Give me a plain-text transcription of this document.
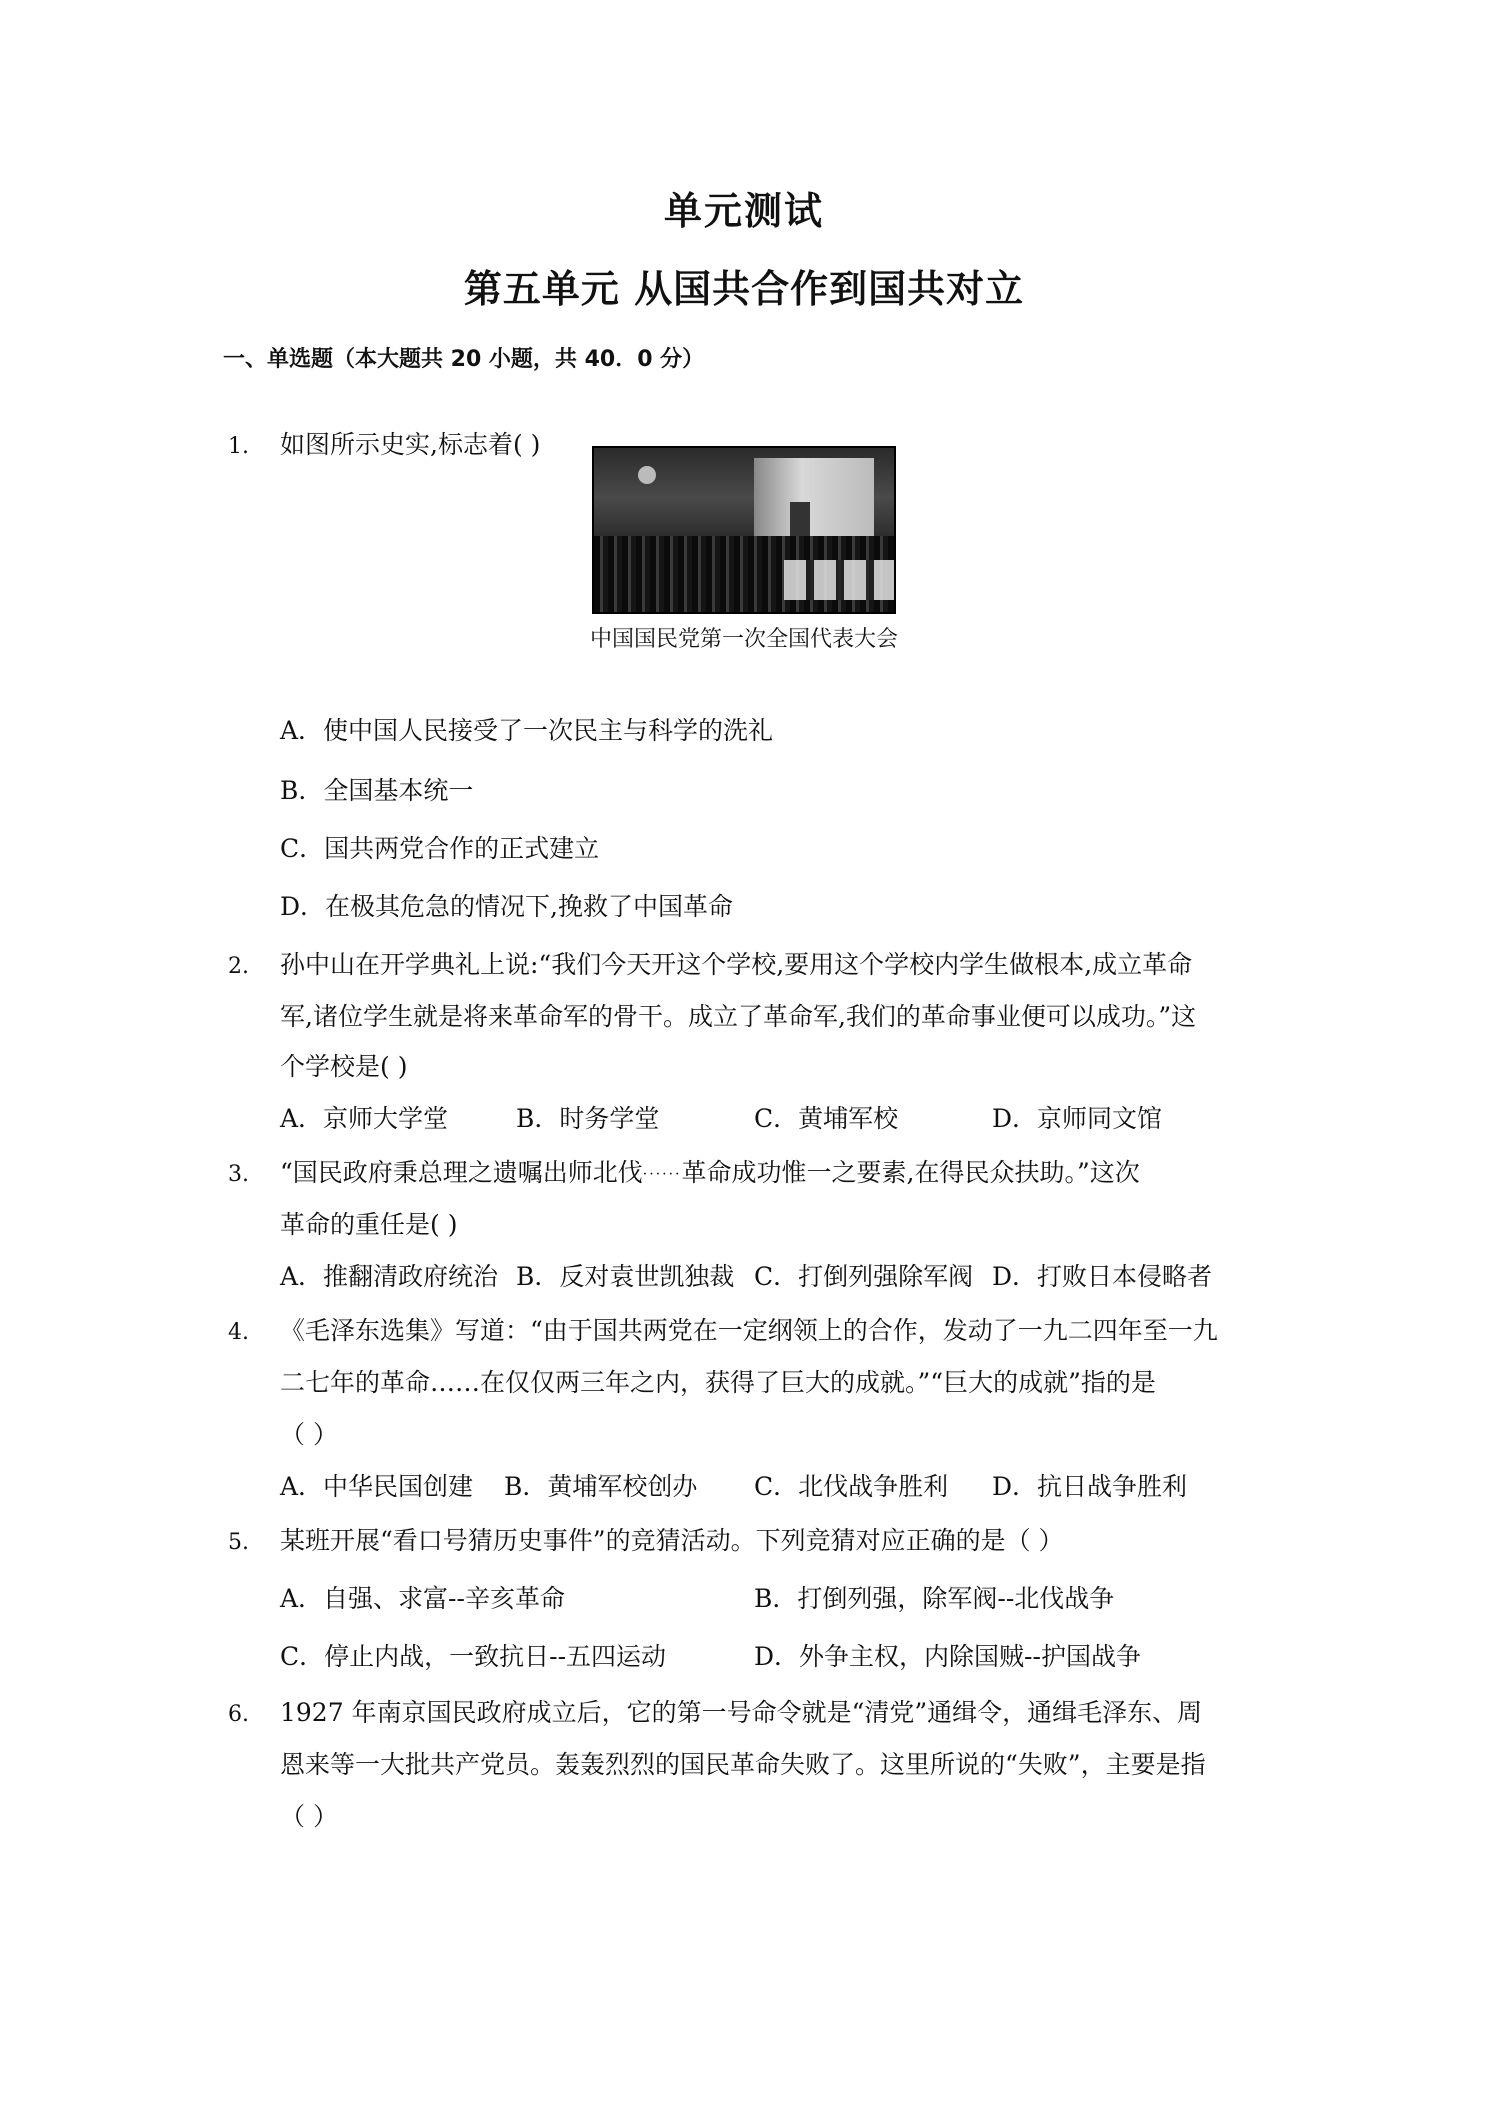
单元测试
第五单元 从国共合作到国共对立
一、单选题（本大题共 20 小题，共 40．0 分）
1. 如图所示史实,标志着( )
中国国民党第一次全国代表大会
A．使中国人民接受了一次民主与科学的洗礼
B．全国基本统一
C．国共两党合作的正式建立
D．在极其危急的情况下,挽救了中国革命
2. 孙中山在开学典礼上说:“我们今天开这个学校,要用这个学校内学生做根本,成立革命
军,诸位学生就是将来革命军的骨干。成立了革命军,我们的革命事业便可以成功。”这
个学校是( )
A．京师大学堂	B．时务学堂	C．黄埔军校	D．京师同文馆
3. “国民政府秉总理之遗嘱出师北伐······革命成功惟一之要素,在得民众扶助。”这次
革命的重任是( )
A．推翻清政府统治 B．反对袁世凯独裁 C．打倒列强除军阀 D．打败日本侵略者
4. 《毛泽东选集》写道：“由于国共两党在一定纲领上的合作，发动了一九二四年至一九
二七年的革命……在仅仅两三年之内，获得了巨大的成就。”“巨大的成就”指的是
（ ）
A．中华民国创建 B．黄埔军校创办 C．北伐战争胜利 D．抗日战争胜利
5. 某班开展“看口号猜历史事件”的竞猜活动。下列竞猜对应正确的是（ ）
A．自强、求富--辛亥革命	B．打倒列强，除军阀--北伐战争
C．停止内战，一致抗日--五四运动	D．外争主权，内除国贼--护国战争
6. 1927 年南京国民政府成立后，它的第一号命令就是“清党”通缉令，通缉毛泽东、周
恩来等一大批共产党员。轰轰烈烈的国民革命失败了。这里所说的“失败”，主要是指
（ ）
